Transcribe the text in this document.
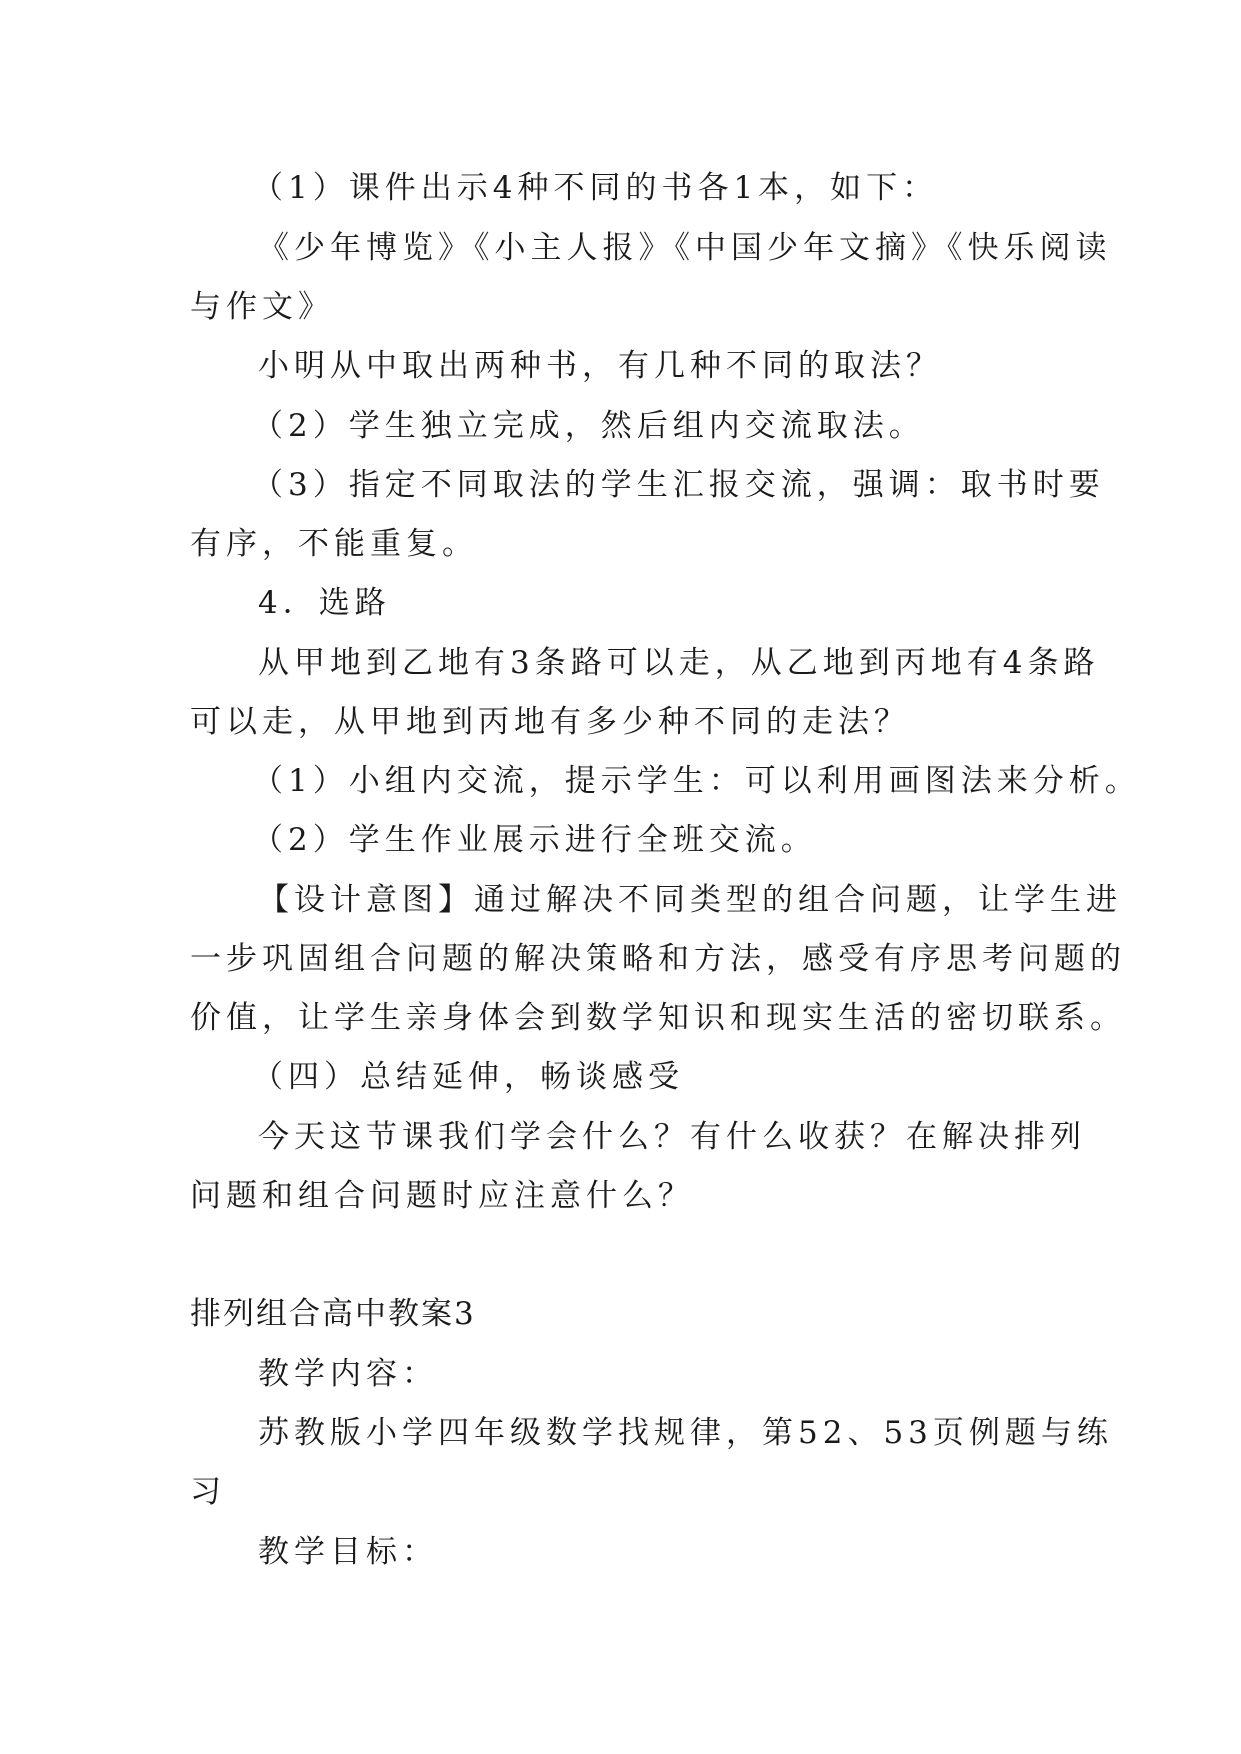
（1）课件出示4种不同的书各1本，如下：

《少年博览》《小主人报》《中国少年文摘》《快乐阅读

与作文》

小明从中取出两种书，有几种不同的取法？

（2）学生独立完成，然后组内交流取法。

（3）指定不同取法的学生汇报交流，强调：取书时要

有序，不能重复。

4．选路

从甲地到乙地有3条路可以走，从乙地到丙地有4条路

可以走，从甲地到丙地有多少种不同的走法？

（1）小组内交流，提示学生：可以利用画图法来分析。

（2）学生作业展示进行全班交流。

【设计意图】通过解决不同类型的组合问题，让学生进

一步巩固组合问题的解决策略和方法，感受有序思考问题的

价值，让学生亲身体会到数学知识和现实生活的密切联系。

（四）总结延伸，畅谈感受

今天这节课我们学会什么？有什么收获？在解决排列

问题和组合问题时应注意什么？

排列组合高中教案3

教学内容：

苏教版小学四年级数学找规律，第52、53页例题与练

习

教学目标：
